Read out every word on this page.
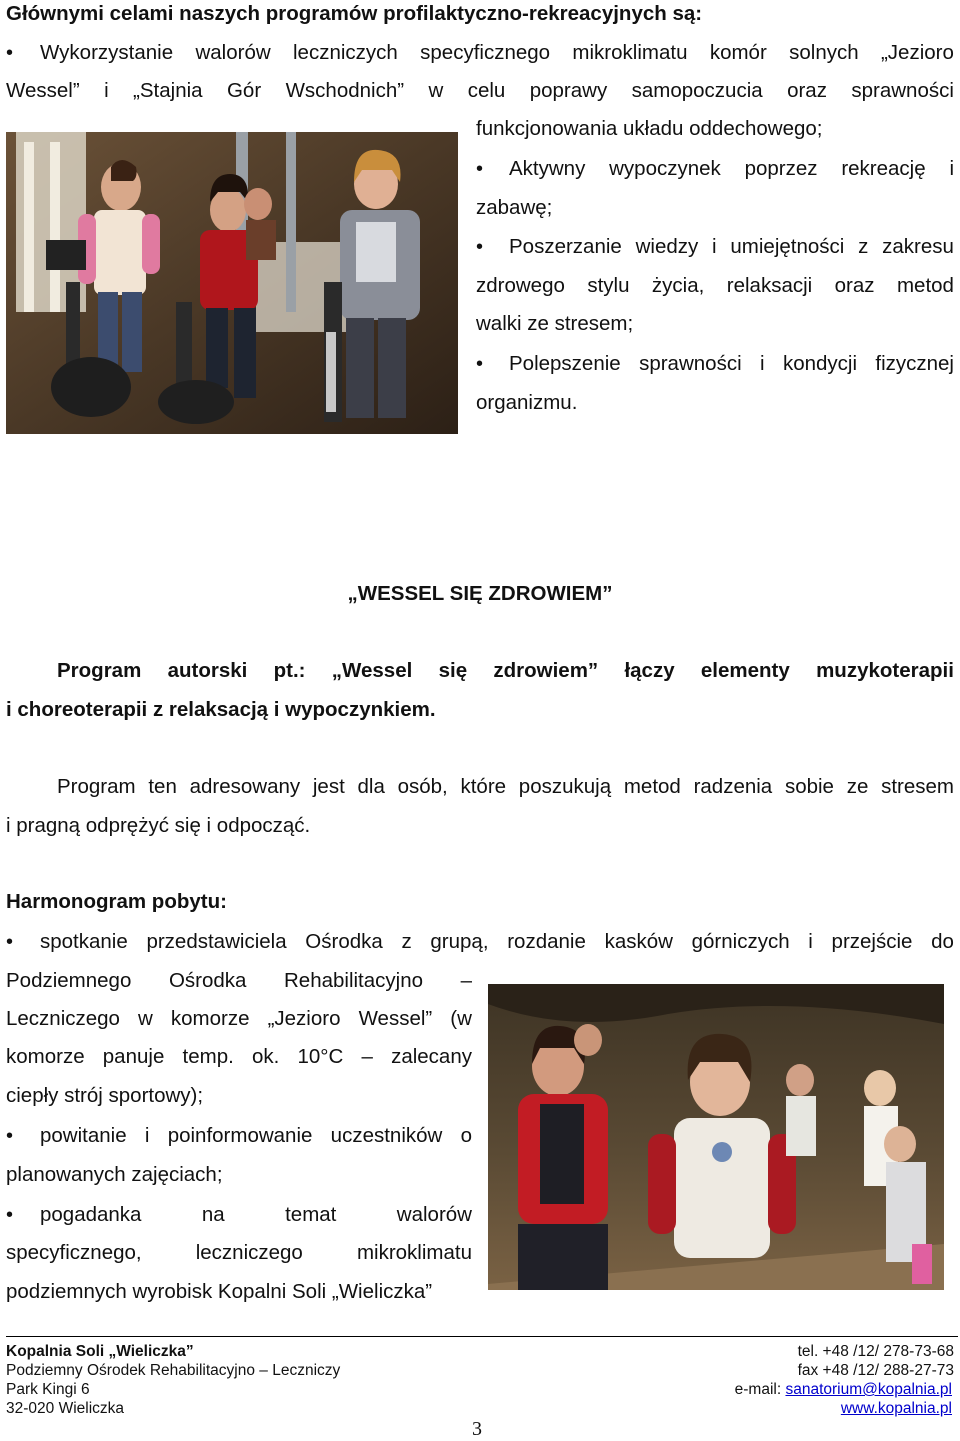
Głównymi celami naszych programów profilaktyczno-rekreacyjnych są:
• Wykorzystanie walorów leczniczych specyficznego mikroklimatu komór solnych „Jezioro
Wessel” i „Stajnia Gór Wschodnich” w celu poprawy samopoczucia oraz sprawności
funkcjonowania układu oddechowego;
• Aktywny wypoczynek poprzez rekreację i
zabawę;
• Poszerzanie wiedzy i umiejętności z zakresu
zdrowego stylu życia, relaksacji oraz metod
walki ze stresem;
• Polepszenie sprawności i kondycji fizycznej
organizmu.
„WESSEL SIĘ ZDROWIEM”
Program autorski pt.: „Wessel się zdrowiem” łączy elementy muzykoterapii
i choreoterapii z relaksacją i wypoczynkiem.
Program ten adresowany jest dla osób, które poszukują metod radzenia sobie ze stresem
i pragną odprężyć się i odpocząć.
Harmonogram pobytu:
• spotkanie przedstawiciela Ośrodka z grupą, rozdanie kasków górniczych i przejście do
Podziemnego Ośrodka Rehabilitacyjno –
Leczniczego w komorze „Jezioro Wessel” (w
komorze panuje temp. ok. 10°C – zalecany
ciepły strój sportowy);
• powitanie i poinformowanie uczestników o
planowanych zajęciach;
• pogadanka	na	temat	walorów
specyficznego,	leczniczego	mikroklimatu
podziemnych wyrobisk Kopalni Soli „Wieliczka”
Kopalnia Soli „Wieliczka”
Podziemny Ośrodek Rehabilitacyjno – Leczniczy
Park Kingi 6
32-020 Wieliczka
tel. +48 /12/ 278-73-68
fax +48 /12/ 288-27-73
e-mail: sanatorium@kopalnia.pl
www.kopalnia.pl
3
